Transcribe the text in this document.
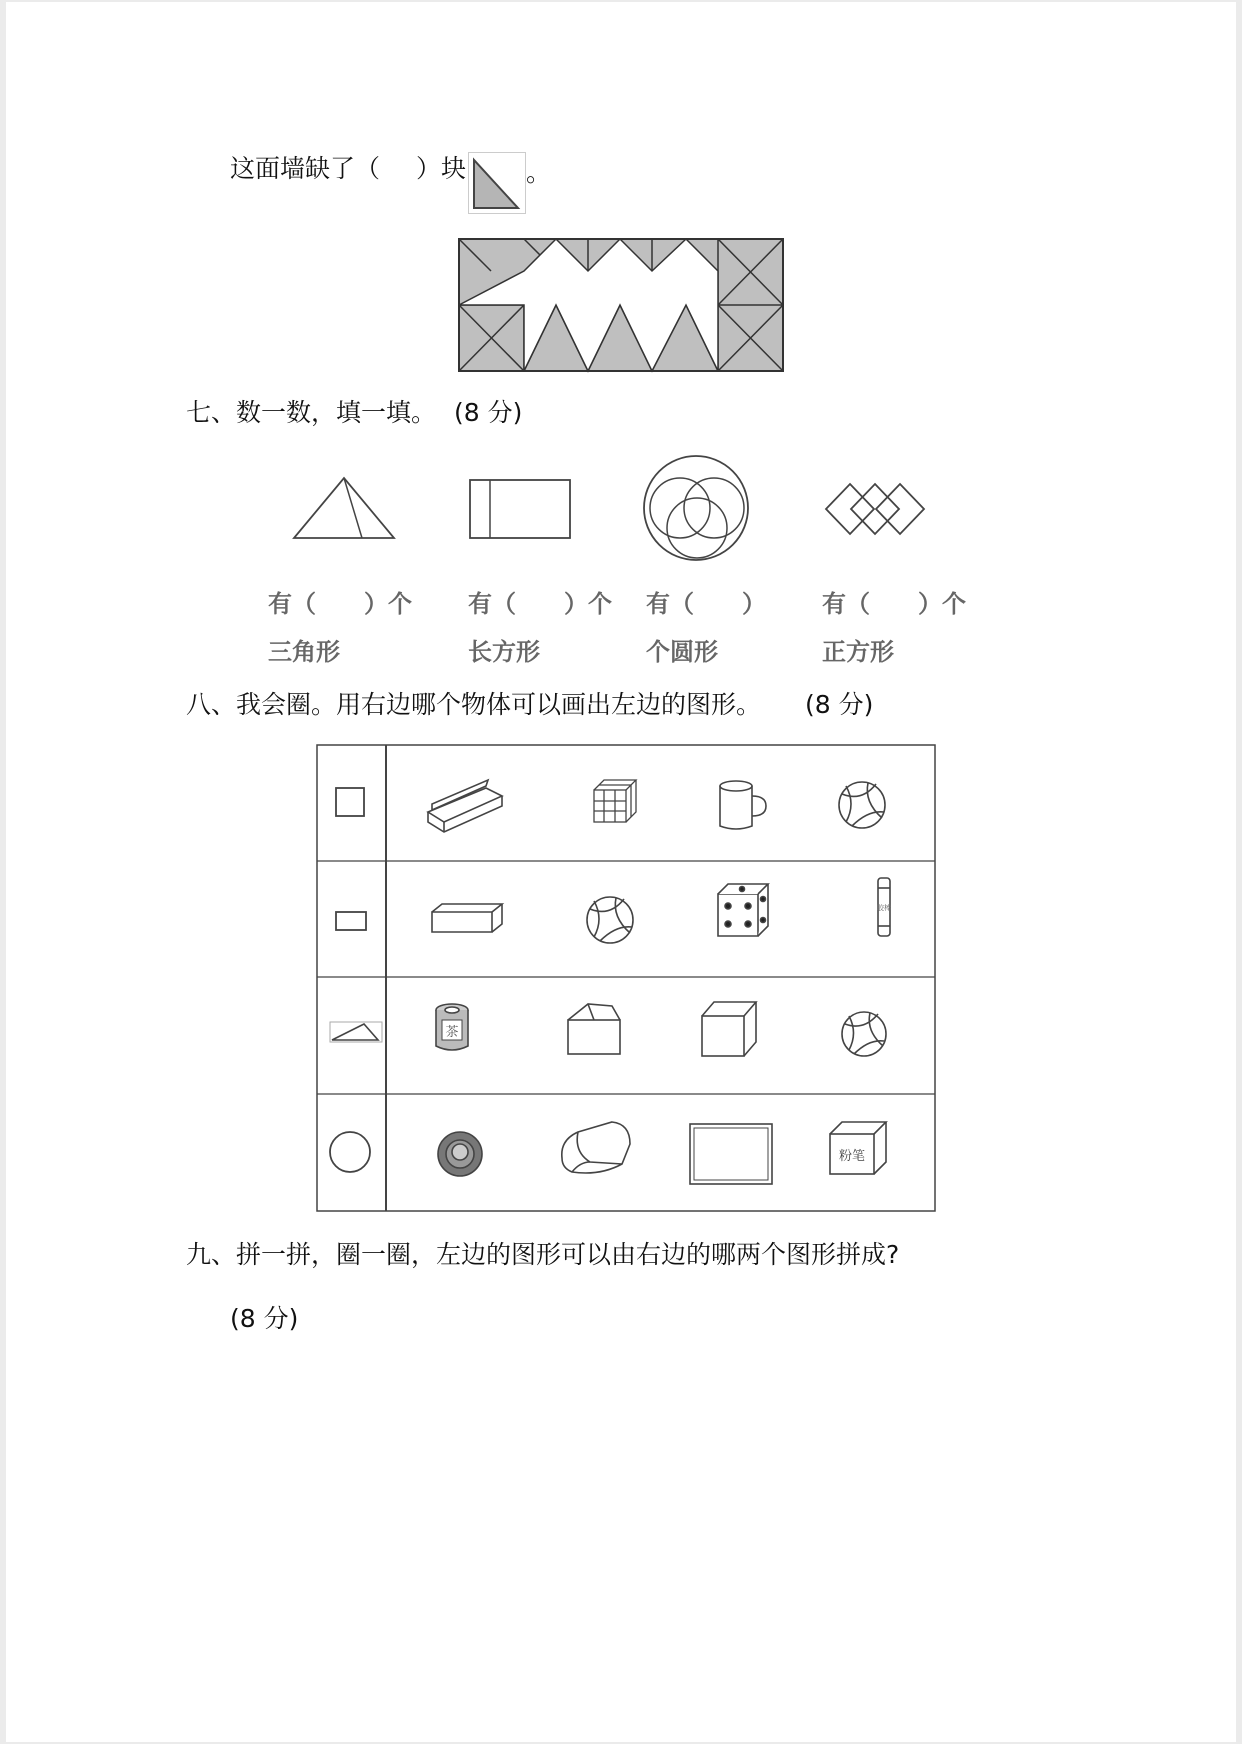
这面墙缺了（ ）块 。
七、数一数，填一填。 (8 分)
有（　　）个
三角形
有（　　）个
长方形
有（　　）
个圆形
有（　　）个
正方形
八、我会圈。用右边哪个物体可以画出左边的图形。 (8 分)
胶棒
茶
粉笔
九、拼一拼，圈一圈，左边的图形可以由右边的哪两个图形拼成?
(8 分)
